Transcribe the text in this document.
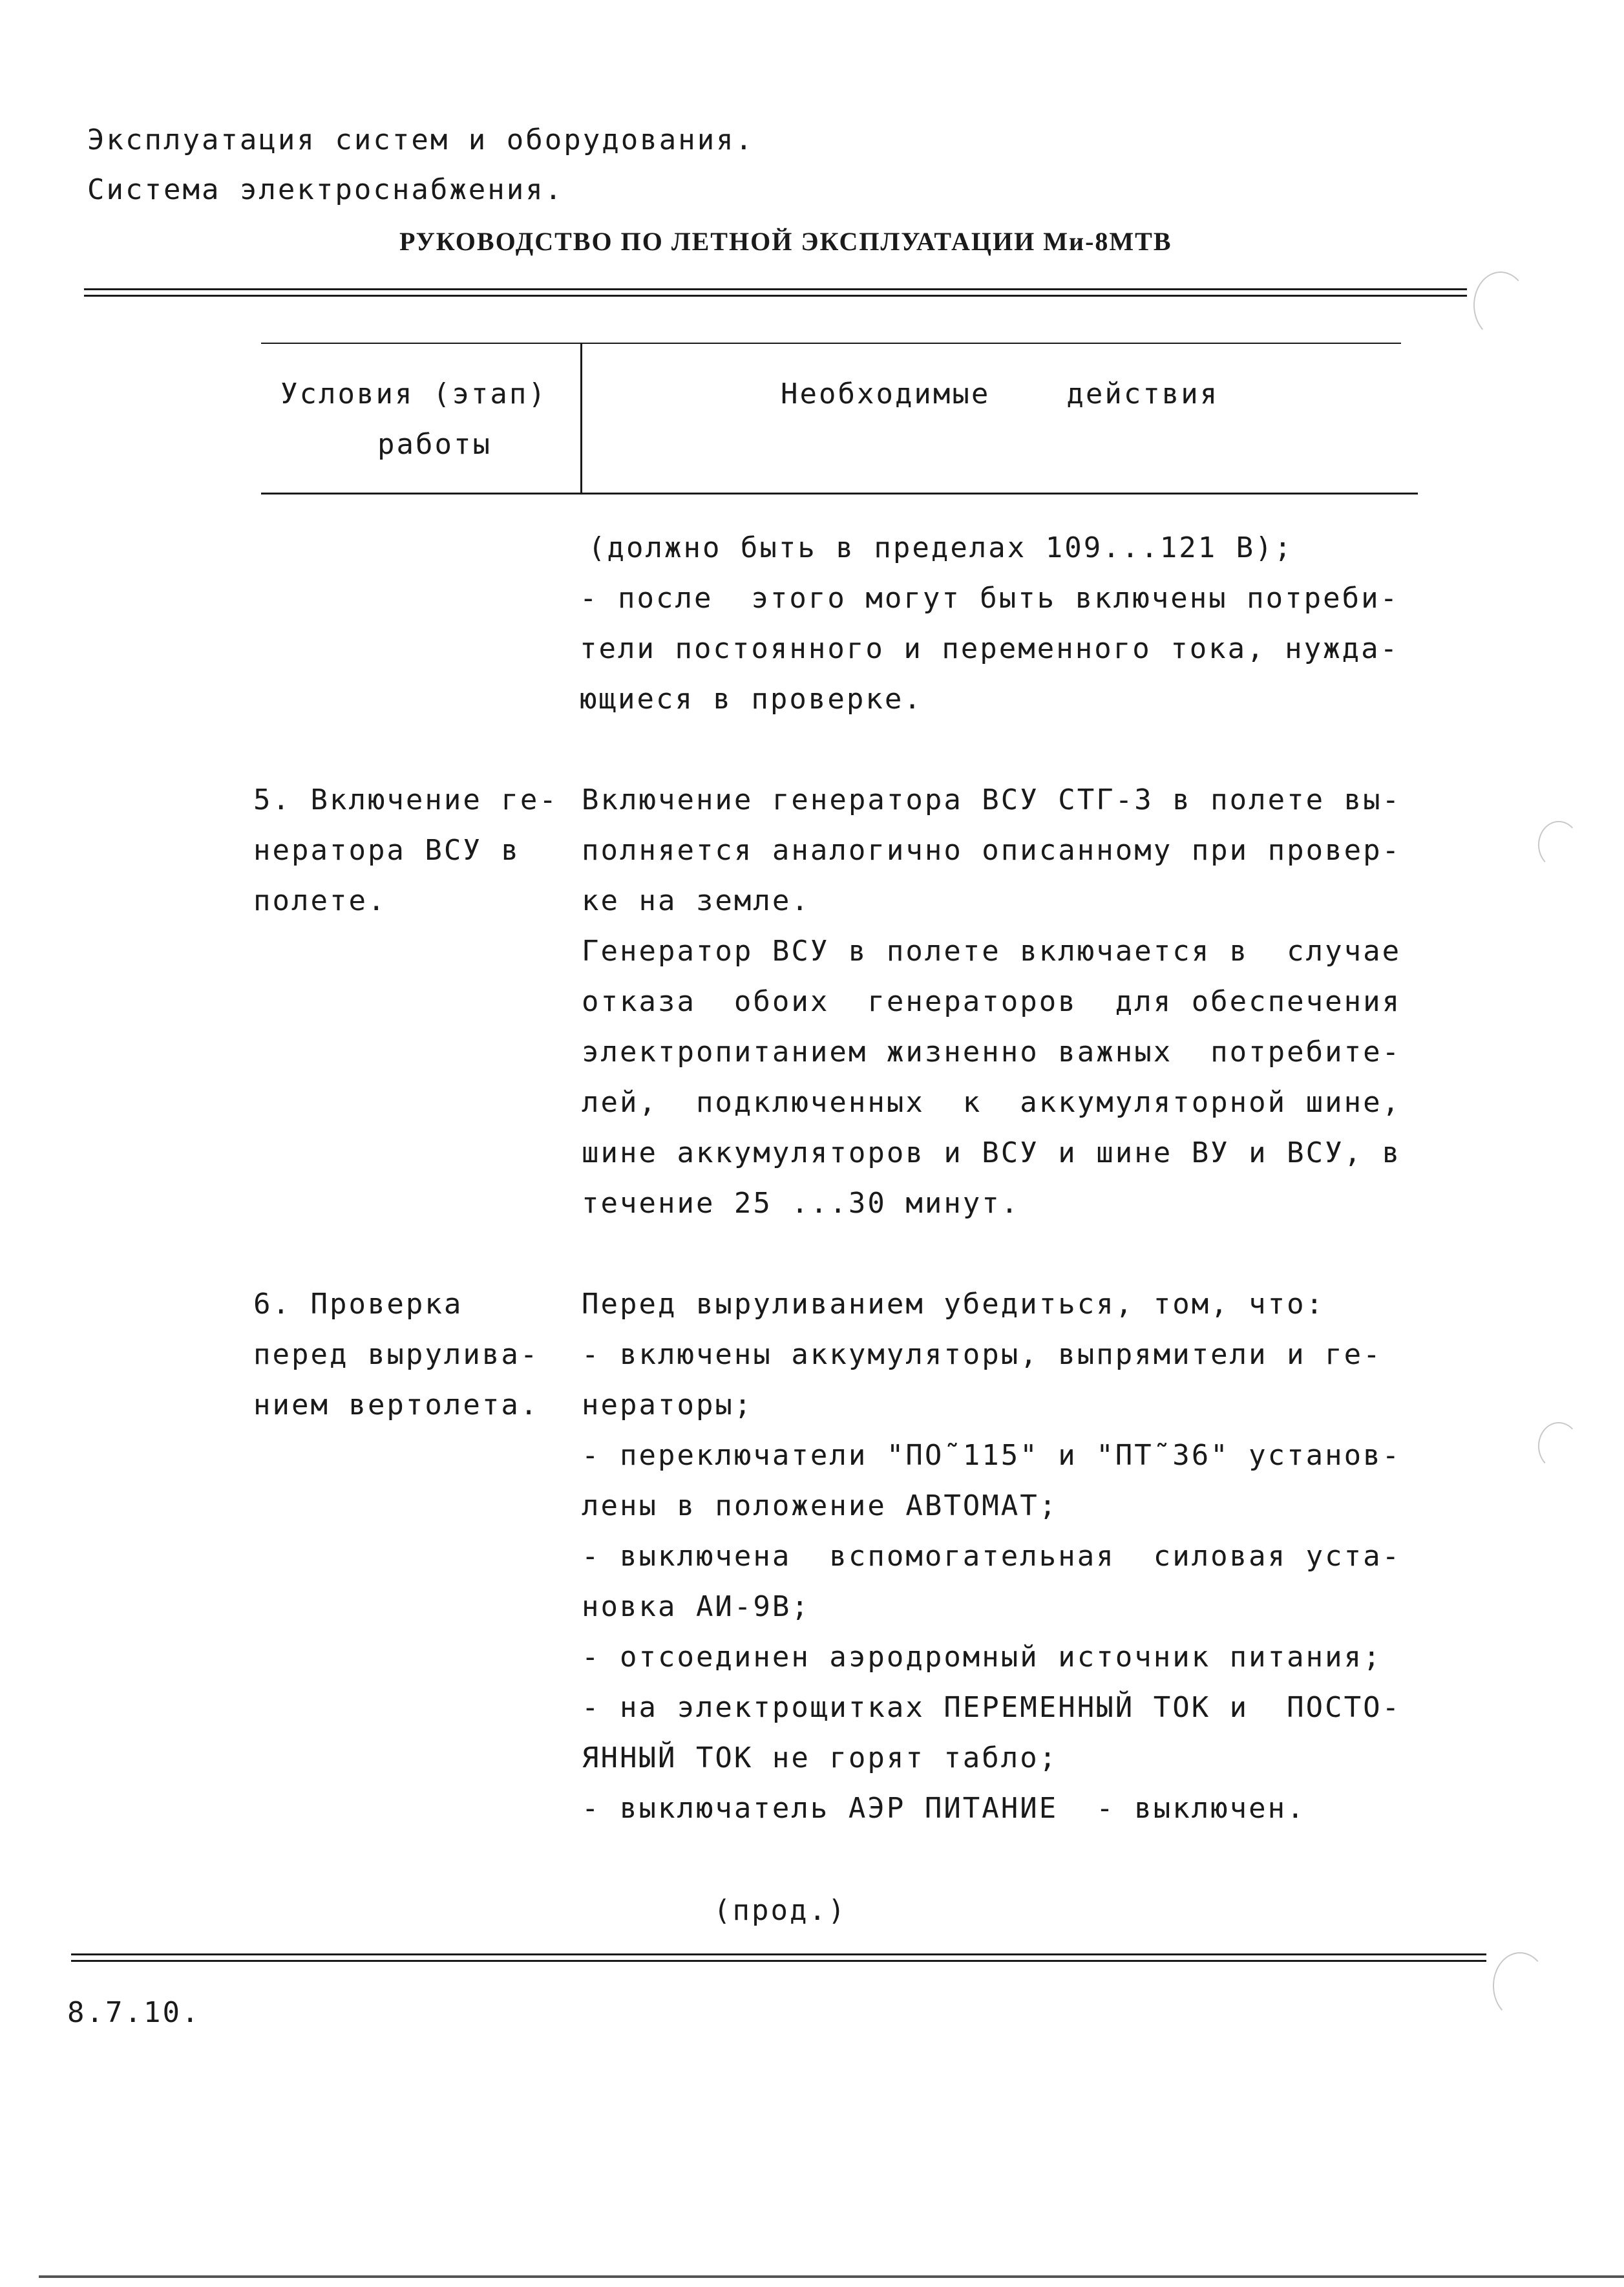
Эксплуатация систем и оборудования.
Система электроснабжения.
РУКОВОДСТВО ПО ЛЕТНОЙ ЭКСПЛУАТАЦИИ Ми-8МТВ
Условия (этап)
работы
Необходимые    действия
(должно быть в пределах 109...121 В);
- после  этого могут быть включены потреби-
тели постоянного и переменного тока, нужда-
ющиеся в проверке.
5. Включение ге-
нератора ВСУ в
полете.
Включение генератора ВСУ СТГ-3 в полете вы-
полняется аналогично описанному при провер-
ке на земле.
Генератор ВСУ в полете включается в  случае
отказа  обоих  генераторов  для обеспечения
электропитанием жизненно важных  потребите-
лей,  подключенных  к  аккумуляторной шине,
шине аккумуляторов и ВСУ и шине ВУ и ВСУ, в
течение 25 ...30 минут.
6. Проверка
перед выруливa-
нием вертолета.
Перед выруливанием убедиться, том, что:
- включены аккумуляторы, выпрямители и ге-
нераторы;
- переключатели "ПО˜115" и "ПТ˜36" установ-
лены в положение АВТОМАТ;
- выключена  вспомогательная  силовая уста-
новка АИ-9В;
- отсоединен аэродромный источник питания;
- на электрощитках ПЕРЕМЕННЫЙ ТОК и  ПОСТО-
ЯННЫЙ ТОК не горят табло;
- выключатель АЭР ПИТАНИЕ  - выключен.
(прод.)
8.7.10.
